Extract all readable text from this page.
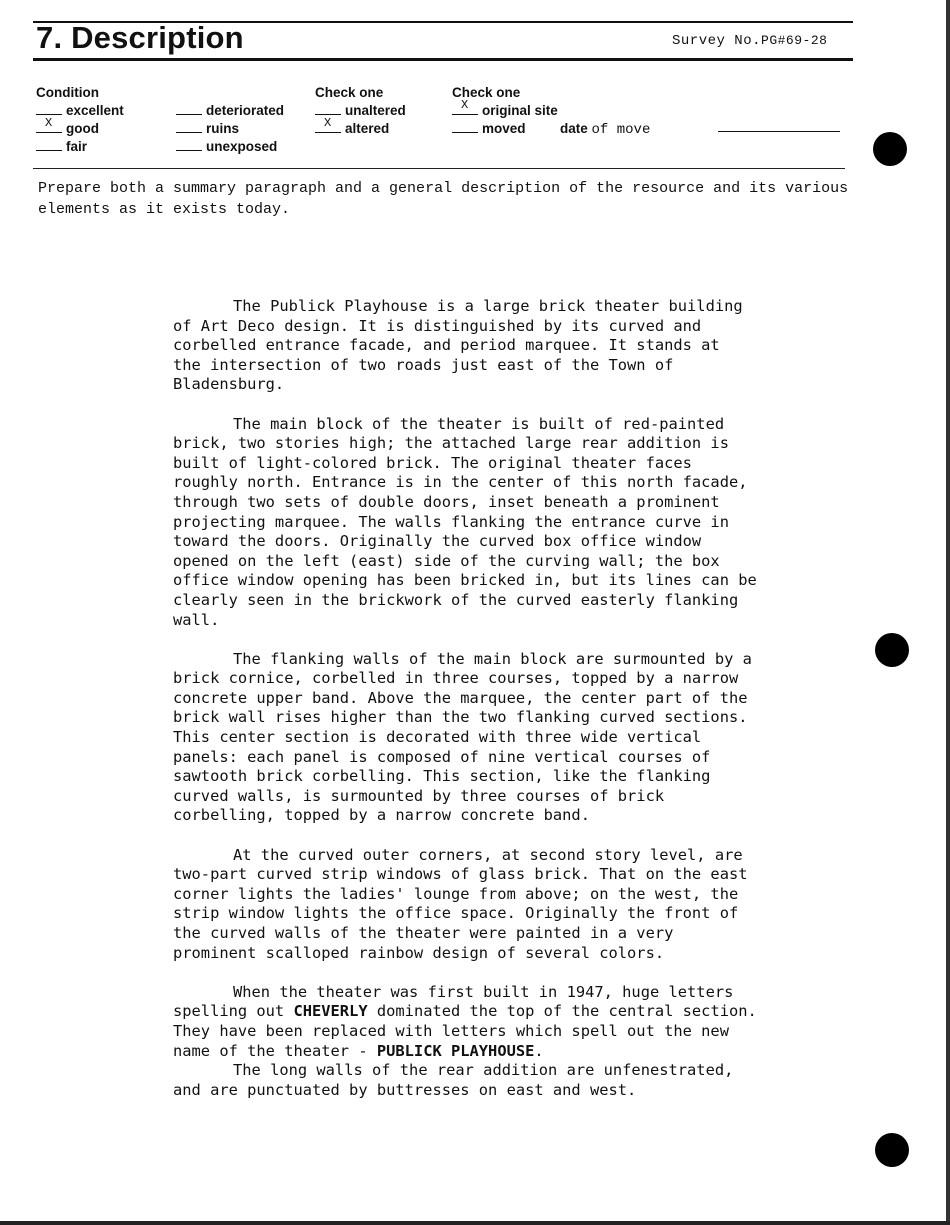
7. Description	Survey No.PG#69-28
Condition
excellent
X good
fair
deteriorated
ruins
unexposed
Check one
unaltered
X altered
Check one
X original site
moved	date of move
Prepare both a summary paragraph and a general description of the resource and its various elements as it exists today.

The Publick Playhouse is a large brick theater building
of Art Deco design. It is distinguished by its curved and
corbelled entrance facade, and period marquee. It stands at
the intersection of two roads just east of the Town of
Bladensburg.

The main block of the theater is built of red-painted
brick, two stories high; the attached large rear addition is
built of light-colored brick. The original theater faces
roughly north. Entrance is in the center of this north facade,
through two sets of double doors, inset beneath a prominent
projecting marquee. The walls flanking the entrance curve in
toward the doors. Originally the curved box office window
opened on the left (east) side of the curving wall; the box
office window opening has been bricked in, but its lines can be
clearly seen in the brickwork of the curved easterly flanking
wall.

The flanking walls of the main block are surmounted by a
brick cornice, corbelled in three courses, topped by a narrow
concrete upper band. Above the marquee, the center part of the
brick wall rises higher than the two flanking curved sections.
This center section is decorated with three wide vertical
panels: each panel is composed of nine vertical courses of
sawtooth brick corbelling. This section, like the flanking
curved walls, is surmounted by three courses of brick
corbelling, topped by a narrow concrete band.

At the curved outer corners, at second story level, are
two-part curved strip windows of glass brick. That on the east
corner lights the ladies' lounge from above; on the west, the
strip window lights the office space. Originally the front of
the curved walls of the theater were painted in a very
prominent scalloped rainbow design of several colors.

When the theater was first built in 1947, huge letters
spelling out CHEVERLY dominated the top of the central section.
They have been replaced with letters which spell out the new
name of the theater - PUBLICK PLAYHOUSE.

The long walls of the rear addition are unfenestrated,
and are punctuated by buttresses on east and west.
